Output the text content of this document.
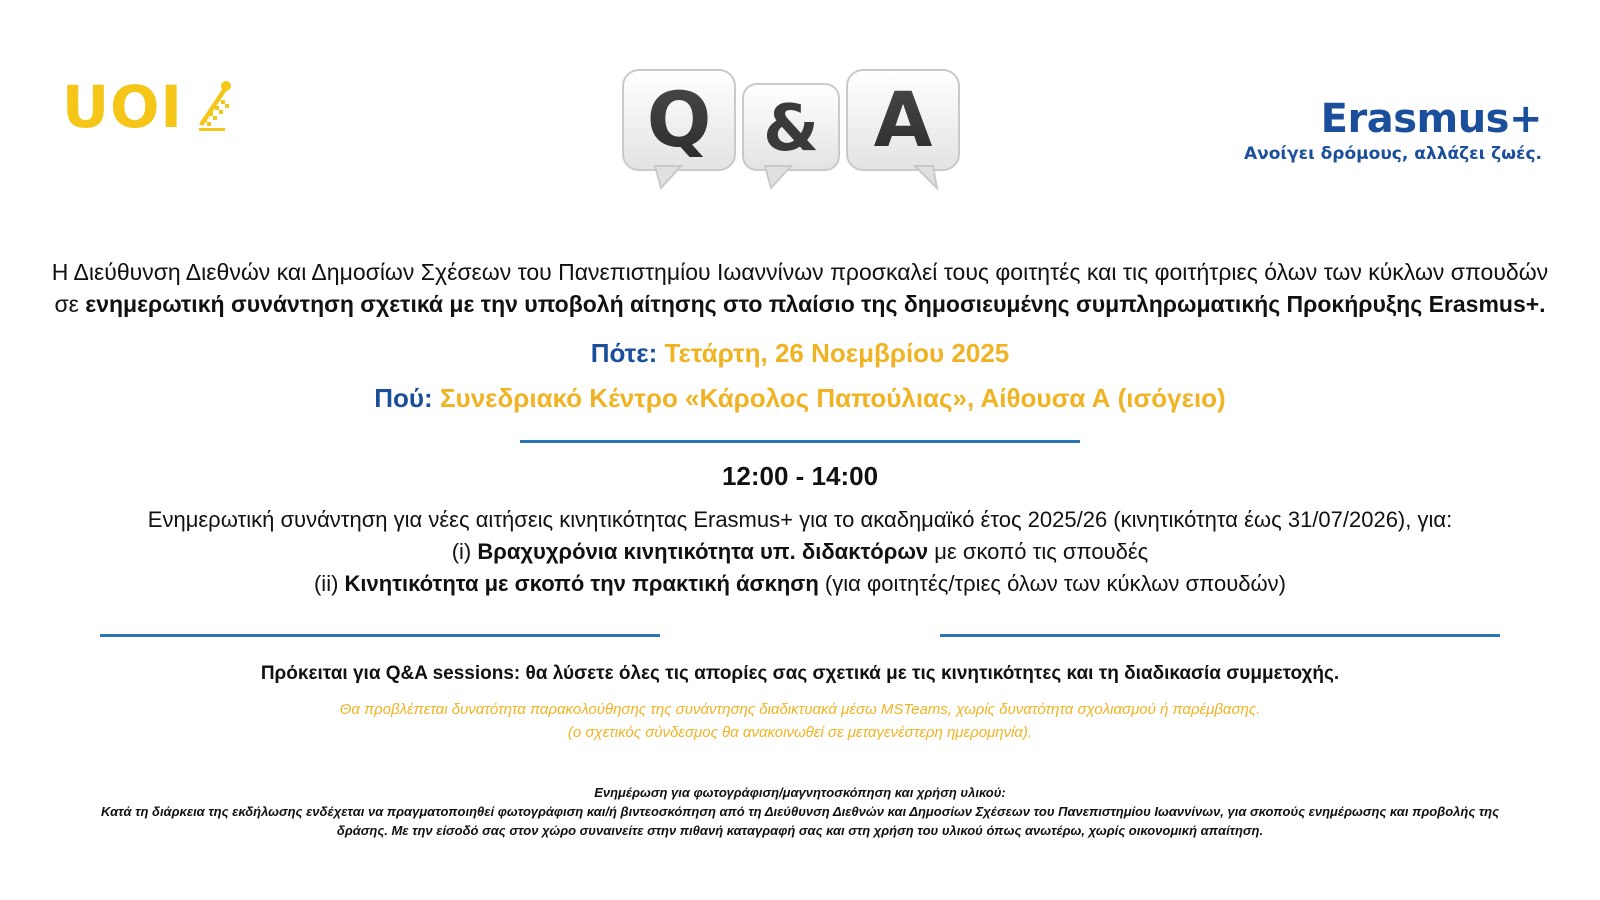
UOI	Q & A	Erasmus+
Ανοίγει δρόμους, αλλάζει ζωές.

Η Διεύθυνση Διεθνών και Δημοσίων Σχέσεων του Πανεπιστημίου Ιωαννίνων προσκαλεί τους φοιτητές και τις φοιτήτριες όλων των κύκλων σπουδών σε ενημερωτική συνάντηση σχετικά με την υποβολή αίτησης στο πλαίσιο της δημοσιευμένης συμπληρωματικής Προκήρυξης Erasmus+.

Πότε: Τετάρτη, 26 Νοεμβρίου 2025
Πού: Συνεδριακό Κέντρο «Κάρολος Παπούλιας», Αίθουσα Α (ισόγειο)
12:00 - 14:00
Ενημερωτική συνάντηση για νέες αιτήσεις κινητικότητας Erasmus+ για το ακαδημαϊκό έτος 2025/26 (κινητικότητα έως 31/07/2026), για:
(i) Βραχυχρόνια κινητικότητα υπ. διδακτόρων με σκοπό τις σπουδές
(ii) Κινητικότητα με σκοπό την πρακτική άσκηση (για φοιτητές/τριες όλων των κύκλων σπουδών)
Πρόκειται για Q&A sessions: θα λύσετε όλες τις απορίες σας σχετικά με τις κινητικότητες και τη διαδικασία συμμετοχής.
Θα προβλέπεται δυνατότητα παρακολούθησης της συνάντησης διαδικτυακά μέσω MSTeams, χωρίς δυνατότητα σχολιασμού ή παρέμβασης.
(ο σχετικός σύνδεσμος θα ανακοινωθεί σε μεταγενέστερη ημερομηνία).
Ενημέρωση για φωτογράφιση/μαγνητοσκόπηση και χρήση υλικού:
Κατά τη διάρκεια της εκδήλωσης ενδέχεται να πραγματοποιηθεί φωτογράφιση και/ή βιντεοσκόπηση από τη Διεύθυνση Διεθνών και Δημοσίων Σχέσεων του Πανεπιστημίου Ιωαννίνων, για σκοπούς ενημέρωσης και προβολής της δράσης. Με την είσοδό σας στον χώρο συναινείτε στην πιθανή καταγραφή σας και στη χρήση του υλικού όπως ανωτέρω, χωρίς οικονομική απαίτηση.
